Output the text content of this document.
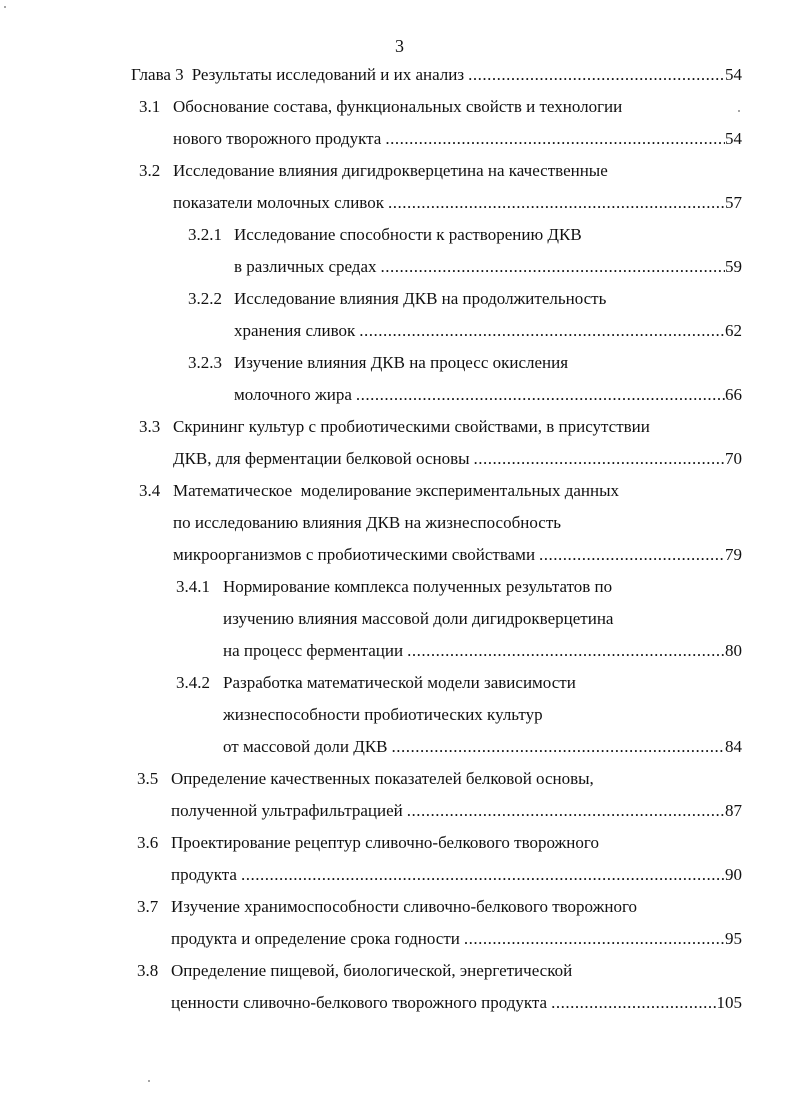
3
Глава 3 Результаты исследований и их анализ .....	54
3.1 Обоснование состава, функциональных свойств и технологии
нового творожного продукта .....	54
3.2 Исследование влияния дигидрокверцетина на качественные
показатели молочных сливок .....	57
3.2.1 Исследование способности к растворению ДКВ
в различных средах .....	59
3.2.2 Исследование влияния ДКВ на продолжительность
хранения сливок .....	62
3.2.3 Изучение влияния ДКВ на процесс окисления
молочного жира .....	66
3.3 Скрининг культур с пробиотическими свойствами, в присутствии
ДКВ, для ферментации белковой основы .....	70
3.4 Математическое  моделирование экспериментальных данных
по исследованию влияния ДКВ на жизнеспособность
микроорганизмов с пробиотическими свойствами .....	79
3.4.1 Нормирование комплекса полученных результатов по
изучению влияния массовой доли дигидрокверцетина
на процесс ферментации .....	80
3.4.2 Разработка математической модели зависимости
жизнеспособности пробиотических культур
от массовой доли ДКВ .....	84
3.5 Определение качественных показателей белковой основы,
полученной ультрафильтрацией .....	87
3.6 Проектирование рецептур сливочно-белкового творожного
продукта .....	90
3.7 Изучение хранимоспособности сливочно-белкового творожного
продукта и определение срока годности .....	95
3.8 Определение пищевой, биологической, энергетической
ценности сливочно-белкового творожного продукта .....	105
